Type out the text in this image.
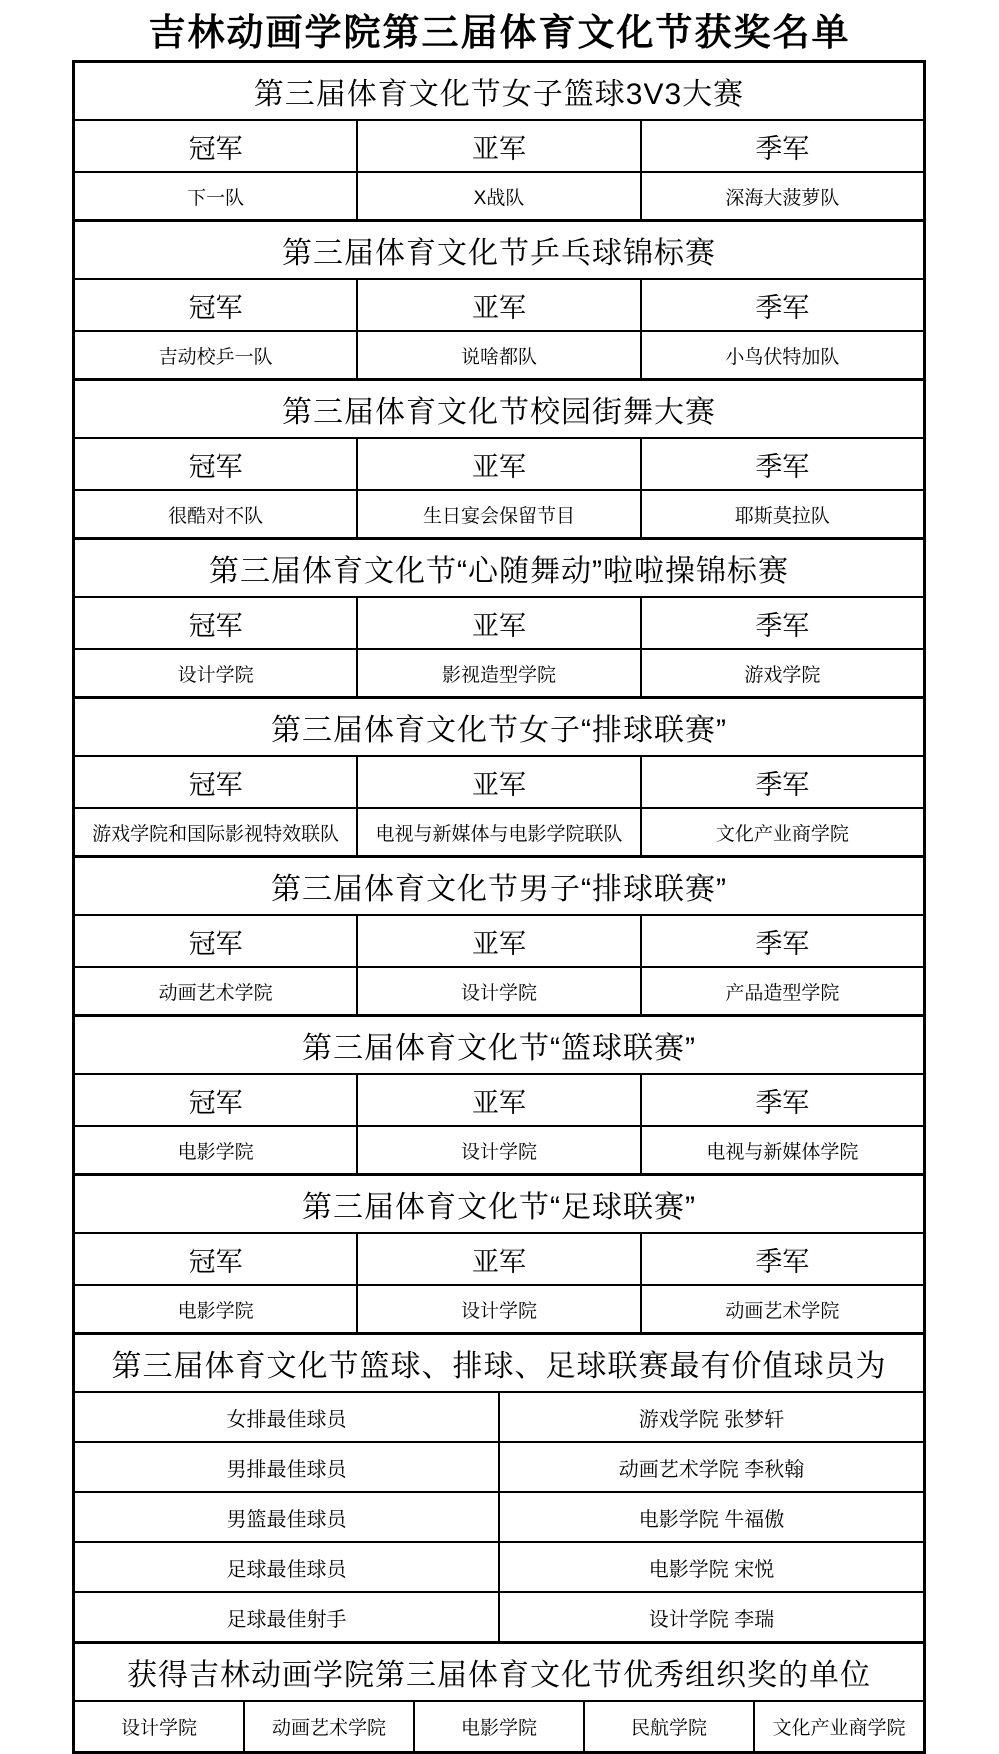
吉林动画学院第三届体育文化节获奖名单
第三届体育文化节女子篮球3V3大赛
冠军	亚军	季军
下一队	X战队	深海大菠萝队
第三届体育文化节乒乓球锦标赛
冠军	亚军	季军
吉动校乒一队	说啥都队	小鸟伏特加队
第三届体育文化节校园街舞大赛
冠军	亚军	季军
很酷对不队	生日宴会保留节目	耶斯莫拉队
第三届体育文化节“心随舞动”啦啦操锦标赛
冠军	亚军	季军
设计学院	影视造型学院	游戏学院
第三届体育文化节女子“排球联赛”
冠军	亚军	季军
游戏学院和国际影视特效联队	电视与新媒体与电影学院联队	文化产业商学院
第三届体育文化节男子“排球联赛”
冠军	亚军	季军
动画艺术学院	设计学院	产品造型学院
第三届体育文化节“篮球联赛”
冠军	亚军	季军
电影学院	设计学院	电视与新媒体学院
第三届体育文化节“足球联赛”
冠军	亚军	季军
电影学院	设计学院	动画艺术学院
第三届体育文化节篮球、排球、足球联赛最有价值球员为
女排最佳球员	游戏学院 张梦轩
男排最佳球员	动画艺术学院 李秋翰
男篮最佳球员	电影学院 牛福傲
足球最佳球员	电影学院 宋悦
足球最佳射手	设计学院 李瑞
获得吉林动画学院第三届体育文化节优秀组织奖的单位
设计学院	动画艺术学院	电影学院	民航学院	文化产业商学院
